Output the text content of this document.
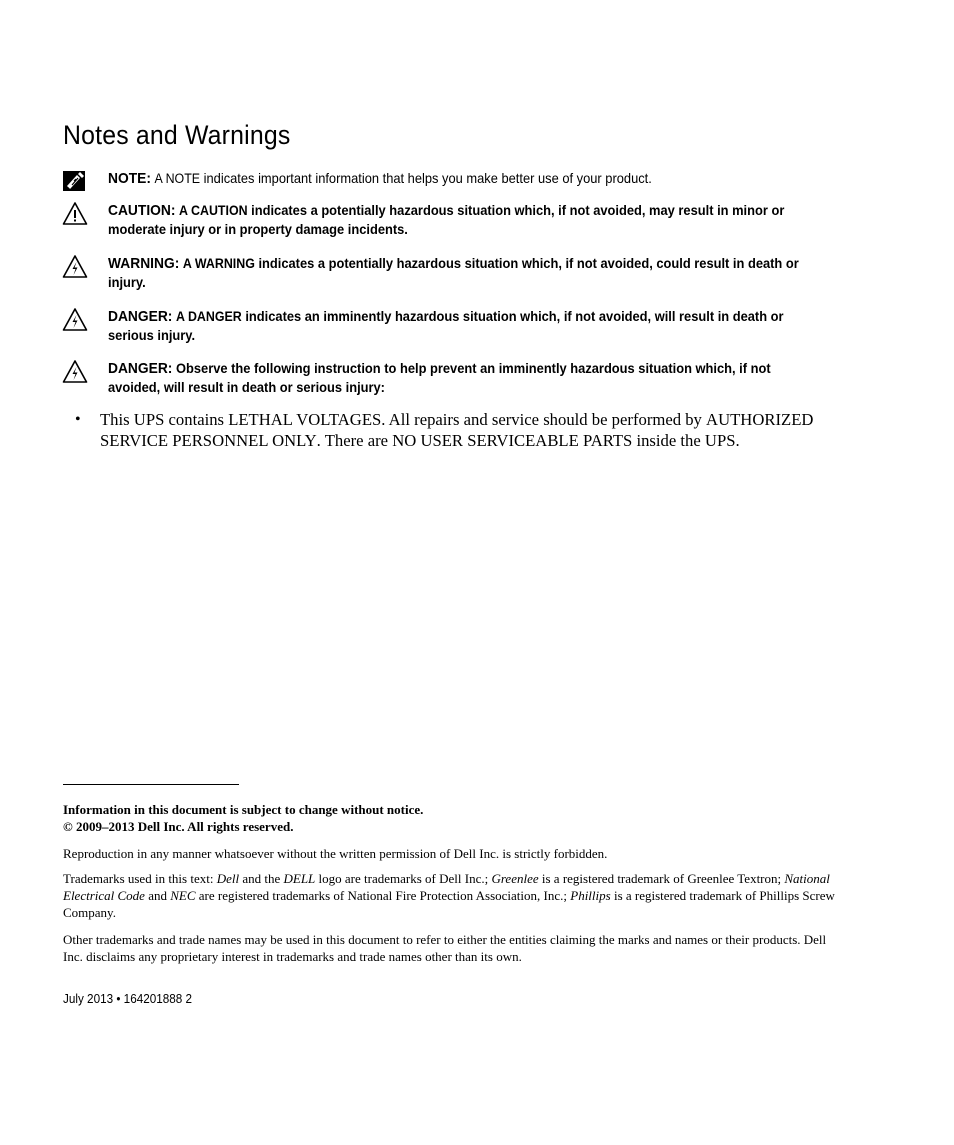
Notes and Warnings
NOTE: A NOTE indicates important information that helps you make better use of your product.
CAUTION: A CAUTION indicates a potentially hazardous situation which, if not avoided, may result in minor or moderate injury or in property damage incidents.
WARNING: A WARNING indicates a potentially hazardous situation which, if not avoided, could result in death or injury.
DANGER: A DANGER indicates an imminently hazardous situation which, if not avoided, will result in death or serious injury.
DANGER: Observe the following instruction to help prevent an imminently hazardous situation which, if not avoided, will result in death or serious injury:
• This UPS contains LETHAL VOLTAGES. All repairs and service should be performed by AUTHORIZED SERVICE PERSONNEL ONLY. There are NO USER SERVICEABLE PARTS inside the UPS.
Information in this document is subject to change without notice.
© 2009–2013 Dell Inc. All rights reserved.
Reproduction in any manner whatsoever without the written permission of Dell Inc. is strictly forbidden.
Trademarks used in this text: Dell and the DELL logo are trademarks of Dell Inc.; Greenlee is a registered trademark of Greenlee Textron; National Electrical Code and NEC are registered trademarks of National Fire Protection Association, Inc.; Phillips is a registered trademark of Phillips Screw Company.
Other trademarks and trade names may be used in this document to refer to either the entities claiming the marks and names or their products. Dell Inc. disclaims any proprietary interest in trademarks and trade names other than its own.
July 2013 • 164201888 2
